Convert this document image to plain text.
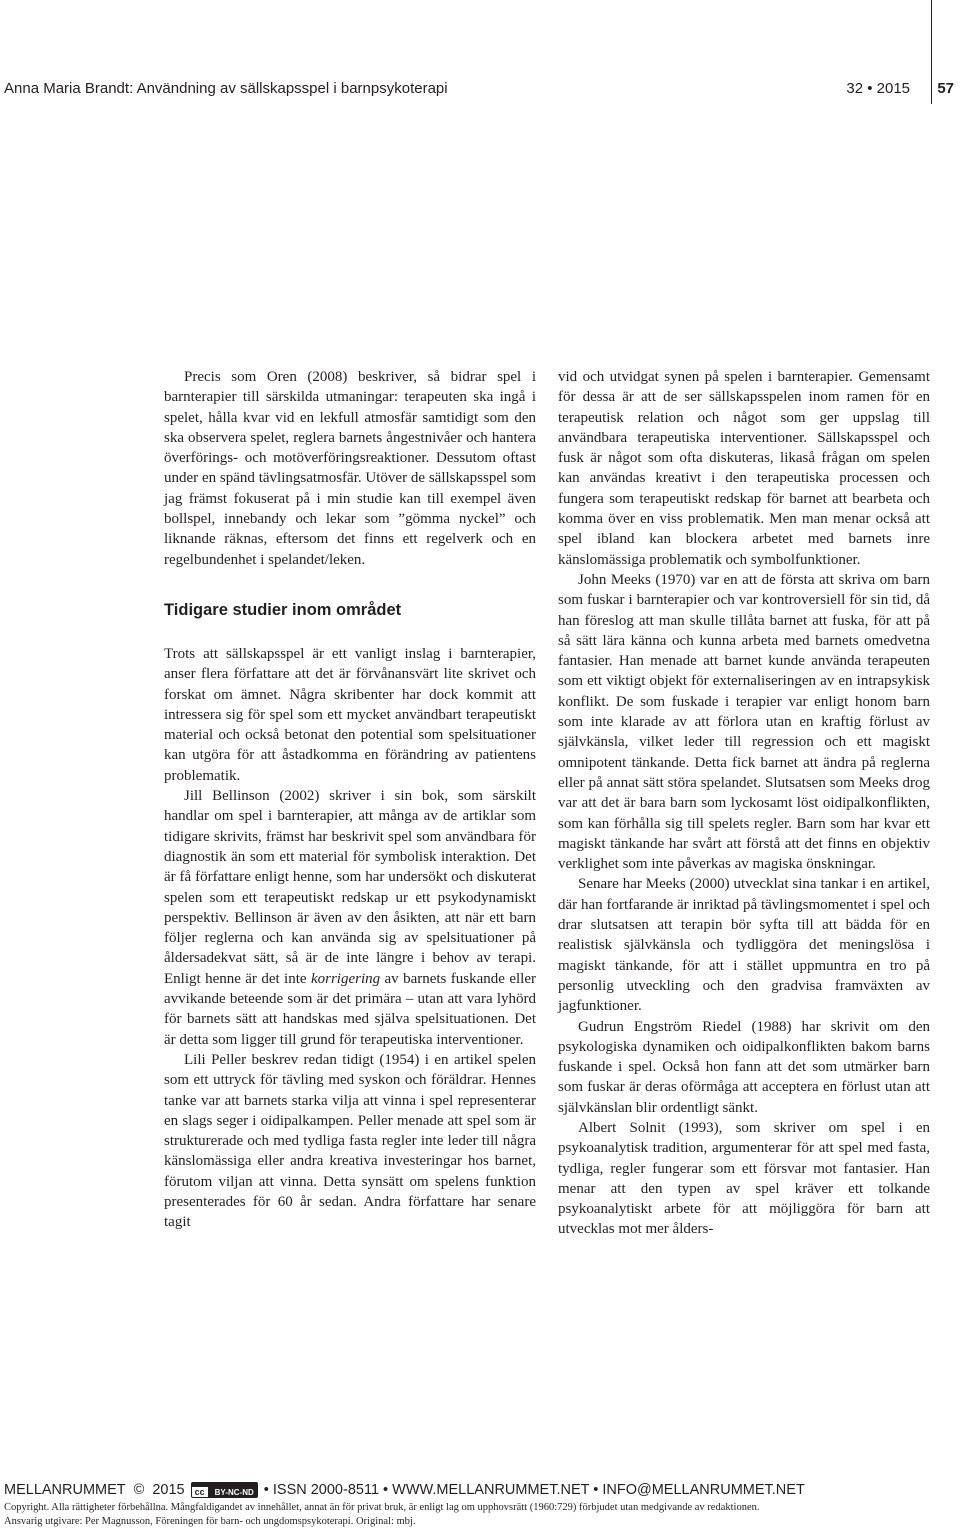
Anna Maria Brandt: Användning av sällskapsspel i barnpsykoterapi	32 • 2015 57

Precis som Oren (2008) beskriver, så bidrar spel i barnterapier till särskilda utmaningar: terapeuten ska ingå i spelet, hålla kvar vid en lekfull atmosfär samtidigt som den ska observera spelet, reglera barnets ångestnivåer och hantera överförings- och motöverföringsreaktioner. Dessutom oftast under en spänd tävlingsatmosfär. Utöver de sällskapsspel som jag främst fokuserat på i min studie kan till exempel även bollspel, innebandy och lekar som ”gömma nyckel” och liknande räknas, eftersom det finns ett regelverk och en regelbundenhet i spelandet/leken.

Tidigare studier inom området

Trots att sällskapsspel är ett vanligt inslag i barnterapier, anser flera författare att det är förvånansvärt lite skrivet och forskat om ämnet. Några skribenter har dock kommit att intressera sig för spel som ett mycket användbart terapeutiskt material och också betonat den potential som spelsituationer kan utgöra för att åstadkomma en förändring av patientens problematik.

Jill Bellinson (2002) skriver i sin bok, som särskilt handlar om spel i barnterapier, att många av de artiklar som tidigare skrivits, främst har beskrivit spel som användbara för diagnostik än som ett material för symbolisk interaktion. Det är få författare enligt henne, som har undersökt och diskuterat spelen som ett terapeutiskt redskap ur ett psykodynamiskt perspektiv. Bellinson är även av den åsikten, att när ett barn följer reglerna och kan använda sig av spelsituationer på åldersadekvat sätt, så är de inte längre i behov av terapi. Enligt henne är det inte korrigering av barnets fuskande eller avvikande beteende som är det primära – utan att vara lyhörd för barnets sätt att handskas med själva spelsituationen. Det är detta som ligger till grund för terapeutiska interventioner.

Lili Peller beskrev redan tidigt (1954) i en artikel spelen som ett uttryck för tävling med syskon och föräldrar. Hennes tanke var att barnets starka vilja att vinna i spel representerar en slags seger i oidipalkampen. Peller menade att spel som är strukturerade och med tydliga fasta regler inte leder till några känslomässiga eller andra kreativa investeringar hos barnet, förutom viljan att vinna. Detta synsätt om spelens funktion presenterades för 60 år sedan. Andra författare har senare tagit

vid och utvidgat synen på spelen i barnterapier. Gemensamt för dessa är att de ser sällskapsspelen inom ramen för en terapeutisk relation och något som ger uppslag till användbara terapeutiska interventioner. Sällskapsspel och fusk är något som ofta diskuteras, likaså frågan om spelen kan användas kreativt i den terapeutiska processen och fungera som terapeutiskt redskap för barnet att bearbeta och komma över en viss problematik. Men man menar också att spel ibland kan blockera arbetet med barnets inre känslomässiga problematik och symbolfunktioner.

John Meeks (1970) var en att de första att skriva om barn som fuskar i barnterapier och var kontroversiell för sin tid, då han föreslog att man skulle tillåta barnet att fuska, för att på så sätt lära känna och kunna arbeta med barnets omedvetna fantasier. Han menade att barnet kunde använda terapeuten som ett viktigt objekt för externaliseringen av en intrapsykisk konflikt. De som fuskade i terapier var enligt honom barn som inte klarade av att förlora utan en kraftig förlust av självkänsla, vilket leder till regression och ett magiskt omnipotent tänkande. Detta fick barnet att ändra på reglerna eller på annat sätt störa spelandet. Slutsatsen som Meeks drog var att det är bara barn som lyckosamt löst oidipalkonflikten, som kan förhålla sig till spelets regler. Barn som har kvar ett magiskt tänkande har svårt att förstå att det finns en objektiv verklighet som inte påverkas av magiska önskningar.

Senare har Meeks (2000) utvecklat sina tankar i en artikel, där han fortfarande är inriktad på tävlingsmomentet i spel och drar slutsatsen att terapin bör syfta till att bädda för en realistisk självkänsla och tydliggöra det meningslösa i magiskt tänkande, för att i stället uppmuntra en tro på personlig utveckling och den gradvisa framväxten av jagfunktioner.

Gudrun Engström Riedel (1988) har skrivit om den psykologiska dynamiken och oidipalkonflikten bakom barns fuskande i spel. Också hon fann att det som utmärker barn som fuskar är deras oförmåga att acceptera en förlust utan att självkänslan blir ordentligt sänkt.

Albert Solnit (1993), som skriver om spel i en psykoanalytisk tradition, argumenterar för att spel med fasta, tydliga, regler fungerar som ett försvar mot fantasier. Han menar att den typen av spel kräver ett tolkande psykoanalytiskt arbete för att möjliggöra för barn att utvecklas mot mer ålders-

MELLANRUMMET © 2015	cc BY-NC-ND • ISSN 2000-8511 • WWW.MELLANRUMMET.NET • INFO@MELLANRUMMET.NET
Copyright. Alla rättigheter förbehållna. Mångfaldigandet av innehållet, annat än för privat bruk, är enligt lag om upphovsrätt (1960:729) förbjudet utan medgivande av redaktionen.
Ansvarig utgivare: Per Magnusson, Föreningen för barn- och ungdomspsykoterapi. Original: mbj.
